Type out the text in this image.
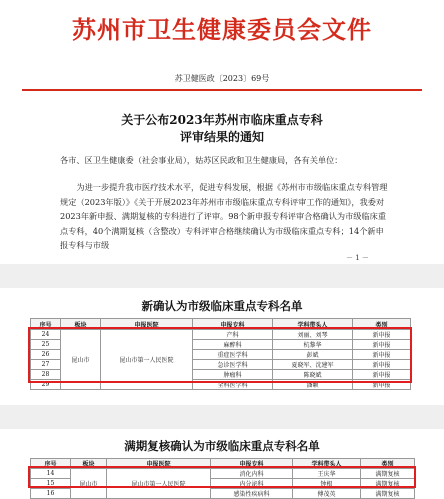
苏州市卫生健康委员会文件
苏卫健医政〔2023〕69号
关于公布2023年苏州市临床重点专科
评审结果的通知
各市、区卫生健康委（社会事业局），姑苏区民政和卫生健康局，各有关单位：
为进一步提升我市医疗技术水平，促进专科发展，根据《苏州市市级临床重点专科管理规定（2023年版）》《关于开展2023年苏州市市级临床重点专科评审工作的通知》，我委对2023年新申报、满期复核的专科进行了评审。98个新申报专科评审合格确认为市级临床重点专科，40个满期复核（含整改）专科评审合格继续确认为市级临床重点专科；14个新申报专科与市级
－ 1 －
新确认为市级临床重点专科名单
序号	板块	申报医院	申报专科	学科带头人	类别
24	昆山市	昆山市第一人民医院	产科	刘丽、刘琴	新申报
25			麻醉科	杭黎华	新申报
26			重症医学科	彭斌	新申报
27			急诊医学科	夏晓军、沈建军	新申报
28			肿瘤科	陈晓斌	新申报
29			全科医学科	潘颖	新申报
满期复核确认为市级临床重点专科名单
序号	板块	申报医院	申报专科	学科带头人	类别
14	昆山市	昆山市第一人民医院	消化内科	王庆华	满期复核
15			内分泌科	钟根	满期复核
16			感染性疾病科	傅茂英	满期复核
